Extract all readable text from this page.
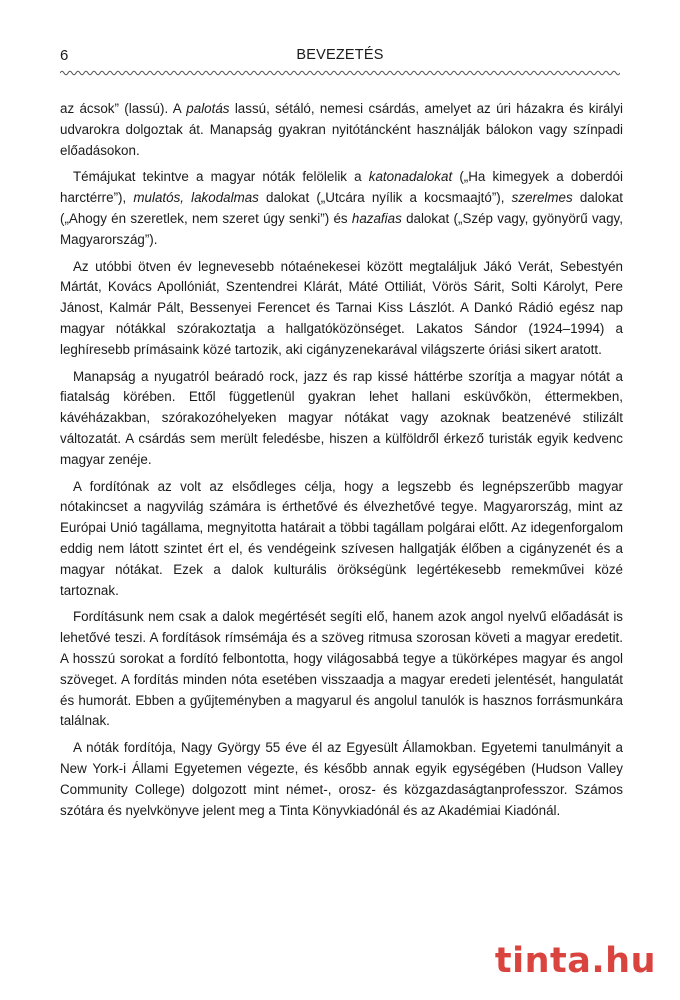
6	BEVEZETÉS

az ácsok” (lassú). A palotás lassú, sétáló, nemesi csárdás, amelyet az úri házakra és királyi udvarokra dolgoztak át. Manapság gyakran nyitótáncként használják bálokon vagy színpadi előadásokon.

Témájukat tekintve a magyar nóták felölelik a katonadalokat („Ha kimegyek a doberdói harctérre”), mulatós, lakodalmas dalokat („Utcára nyílik a kocsmaajtó”), szerelmes dalokat („Ahogy én szeretlek, nem szeret úgy senki”) és hazafias dalokat („Szép vagy, gyönyörű vagy, Magyarország”).

Az utóbbi ötven év legnevesebb nótaénekesei között megtaláljuk Jákó Verát, Sebestyén Mártát, Kovács Apollóniát, Szentendrei Klárát, Máté Ottiliát, Vörös Sárit, Solti Károlyt, Pere Jánost, Kalmár Pált, Bessenyei Ferencet és Tarnai Kiss Lászlót. A Dankó Rádió egész nap magyar nótákkal szórakoztatja a hallgatóközönséget. Lakatos Sándor (1924–1994) a leghíresebb prímásaink közé tartozik, aki cigányzenekarával világszerte óriási sikert aratott.

Manapság a nyugatról beáradó rock, jazz és rap kissé háttérbe szorítja a magyar nótát a fiatalság körében. Ettől függetlenül gyakran lehet hallani esküvőkön, éttermekben, kávéházakban, szórakozóhelyeken magyar nótákat vagy azoknak beatzenévé stilizált változatát. A csárdás sem merült feledésbe, hiszen a külföldről érkező turisták egyik kedvenc magyar zenéje.

A fordítónak az volt az elsődleges célja, hogy a legszebb és legnépszerűbb magyar nótakincset a nagyvilág számára is érthetővé és élvezhetővé tegye. Magyarország, mint az Európai Unió tagállama, megnyitotta határait a többi tagállam polgárai előtt. Az idegenforgalom eddig nem látott szintet ért el, és vendégeink szívesen hallgatják élőben a cigányzenét és a magyar nótákat. Ezek a dalok kulturális örökségünk legértékesebb remekművei közé tartoznak.

Fordításunk nem csak a dalok megértését segíti elő, hanem azok angol nyelvű előadását is lehetővé teszi. A fordítások rímsémája és a szöveg ritmusa szorosan követi a magyar eredetit. A hosszú sorokat a fordító felbontotta, hogy világosabbá tegye a tükörképes magyar és angol szöveget. A fordítás minden nóta esetében visszaadja a magyar eredeti jelentését, hangulatát és humorát. Ebben a gyűjteményben a magyarul és angolul tanulók is hasznos forrásmunkára találnak.

A nóták fordítója, Nagy György 55 éve él az Egyesült Államokban. Egyetemi tanulmányit a New York-i Állami Egyetemen végezte, és később annak egyik egységében (Hudson Valley Community College) dolgozott mint német-, orosz- és közgazdaságtanprofesszor. Számos szótára és nyelvkönyve jelent meg a Tinta Könyvkiadónál és az Akadémiai Kiadónál.

tinta.hu
